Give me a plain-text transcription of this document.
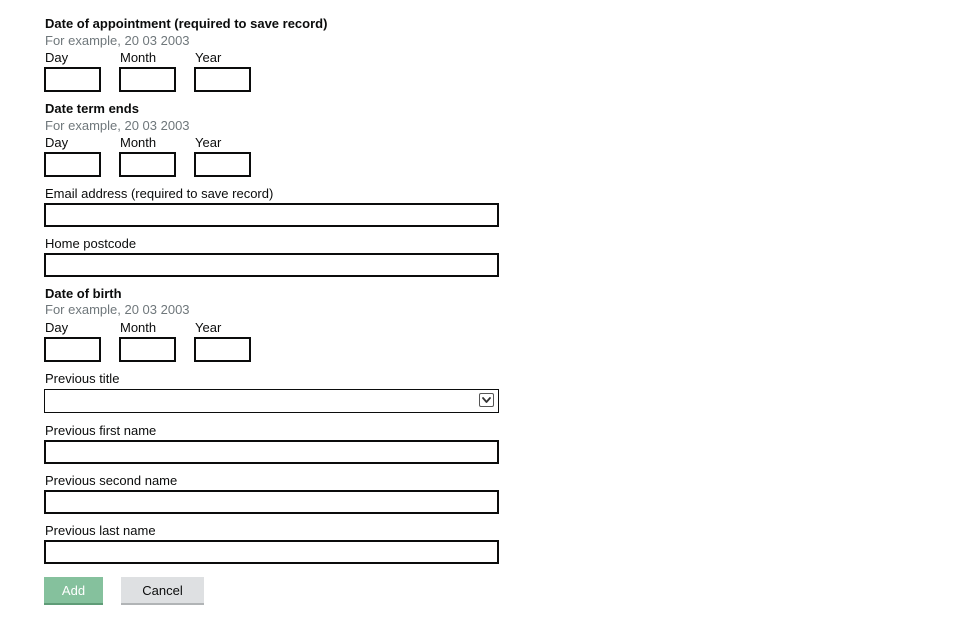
Date of appointment (required to save record)
For example, 20 03 2003
Day	Month	Year
Date term ends
For example, 20 03 2003
Day	Month	Year
Email address (required to save record)
Home postcode
Date of birth
For example, 20 03 2003
Day	Month	Year
Previous title
Previous first name
Previous second name
Previous last name
Add	Cancel
